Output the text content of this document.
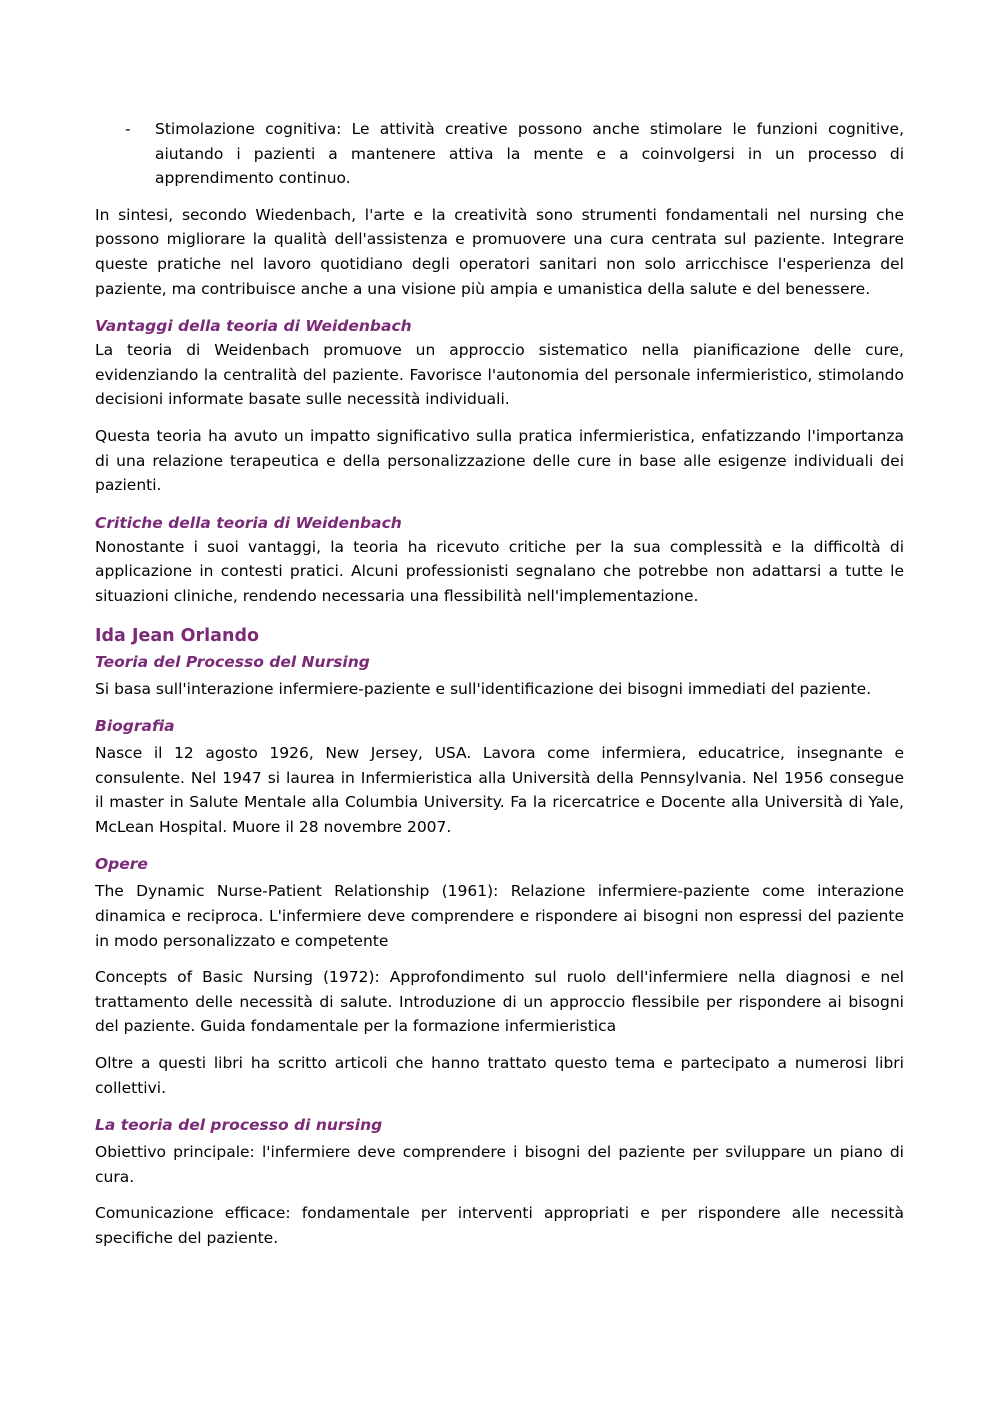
- Stimolazione cognitiva: Le attività creative possono anche stimolare le funzioni cognitive, aiutando i pazienti a mantenere attiva la mente e a coinvolgersi in un processo di apprendimento continuo.

In sintesi, secondo Wiedenbach, l'arte e la creatività sono strumenti fondamentali nel nursing che possono migliorare la qualità dell'assistenza e promuovere una cura centrata sul paziente. Integrare queste pratiche nel lavoro quotidiano degli operatori sanitari non solo arricchisce l'esperienza del paziente, ma contribuisce anche a una visione più ampia e umanistica della salute e del benessere.

Vantaggi della teoria di Weidenbach

La teoria di Weidenbach promuove un approccio sistematico nella pianificazione delle cure, evidenziando la centralità del paziente. Favorisce l'autonomia del personale infermieristico, stimolando decisioni informate basate sulle necessità individuali.

Questa teoria ha avuto un impatto significativo sulla pratica infermieristica, enfatizzando l'importanza di una relazione terapeutica e della personalizzazione delle cure in base alle esigenze individuali dei pazienti.

Critiche della teoria di Weidenbach

Nonostante i suoi vantaggi, la teoria ha ricevuto critiche per la sua complessità e la difficoltà di applicazione in contesti pratici. Alcuni professionisti segnalano che potrebbe non adattarsi a tutte le situazioni cliniche, rendendo necessaria una flessibilità nell'implementazione.

Ida Jean Orlando
Teoria del Processo del Nursing

Si basa sull'interazione infermiere-paziente e sull'identificazione dei bisogni immediati del paziente.

Biografia

Nasce il 12 agosto 1926, New Jersey, USA. Lavora come infermiera, educatrice, insegnante e consulente. Nel 1947 si laurea in Infermieristica alla Università della Pennsylvania. Nel 1956 consegue il master in Salute Mentale alla Columbia University. Fa la ricercatrice e Docente alla Università di Yale, McLean Hospital. Muore il 28 novembre 2007.

Opere

The Dynamic Nurse-Patient Relationship (1961): Relazione infermiere-paziente come interazione dinamica e reciproca. L'infermiere deve comprendere e rispondere ai bisogni non espressi del paziente in modo personalizzato e competente

Concepts of Basic Nursing (1972): Approfondimento sul ruolo dell'infermiere nella diagnosi e nel trattamento delle necessità di salute. Introduzione di un approccio flessibile per rispondere ai bisogni del paziente. Guida fondamentale per la formazione infermieristica

Oltre a questi libri ha scritto articoli che hanno trattato questo tema e partecipato a numerosi libri collettivi.

La teoria del processo di nursing

Obiettivo principale: l'infermiere deve comprendere i bisogni del paziente per sviluppare un piano di cura.

Comunicazione efficace: fondamentale per interventi appropriati e per rispondere alle necessità specifiche del paziente.
